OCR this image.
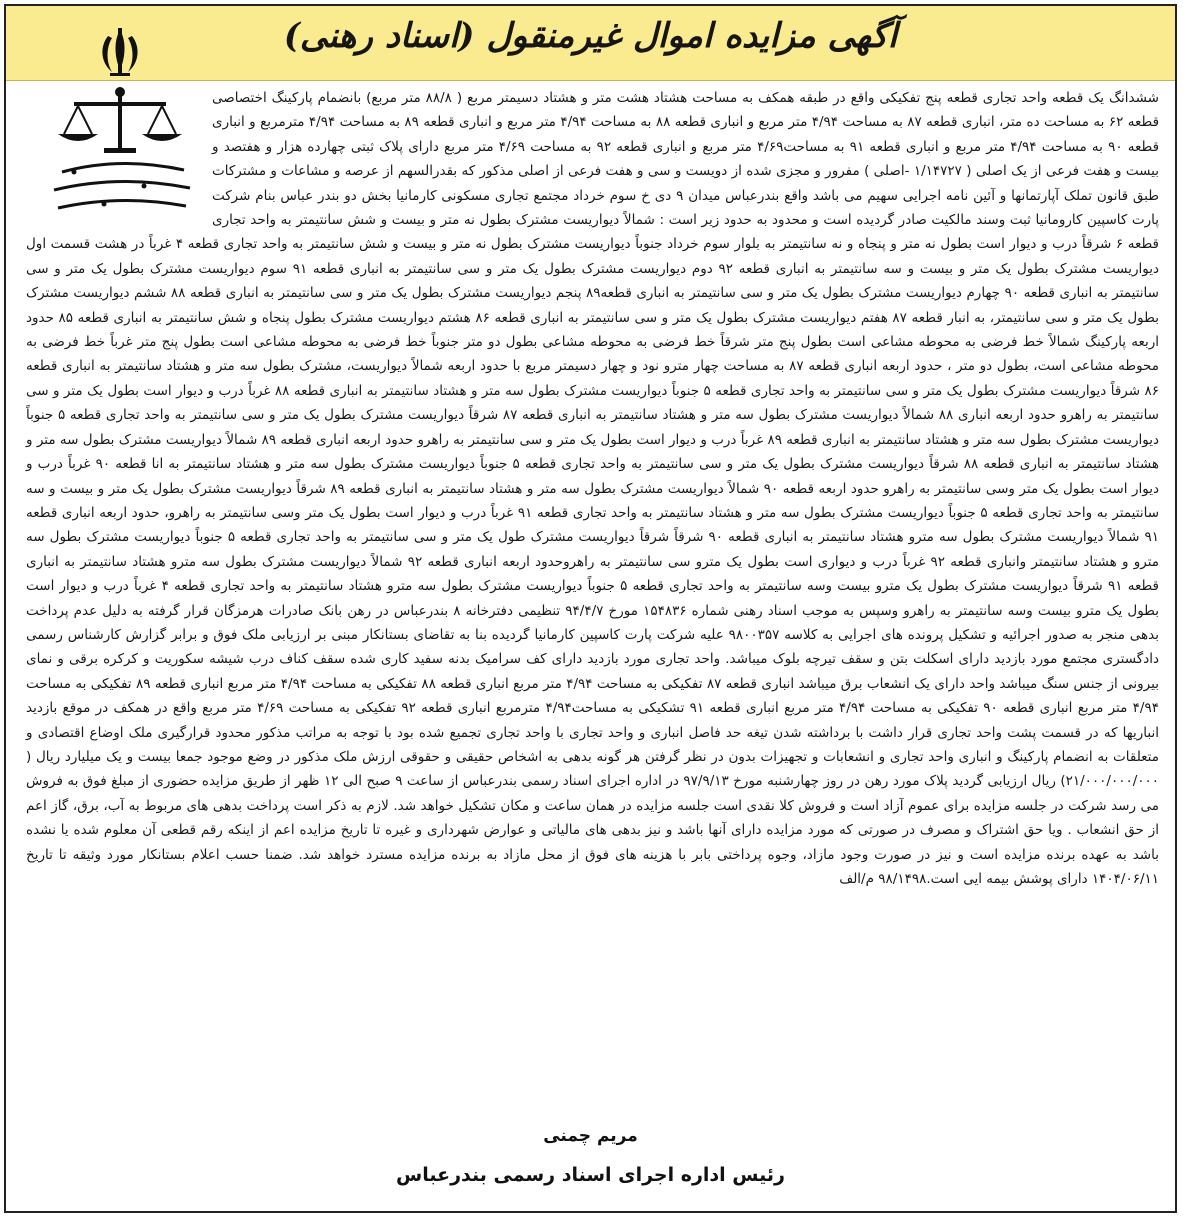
آگهی مزایده اموال غیرمنقول (اسناد رهنی)
ششدانگ یک قطعه واحد تجاری قطعه پنج تفکیکی واقع در طبقه همکف به مساحت هشتاد هشت متر و هشتاد دسیمتر مربع ( ۸۸/۸ متر مربع) بانضمام پارکینگ اختصاصی قطعه ۶۲ به مساحت ده متر، انباری قطعه ۸۷ به مساحت ۴/۹۴ متر مربع و انباری قطعه ۸۸ به مساحت ۴/۹۴ متر مربع و انباری قطعه ۸۹ به مساحت ۴/۹۴ مترمربع و انباری قطعه ۹۰ به مساحت ۴/۹۴ متر مربع و انباری قطعه ۹۱ به مساحت۴/۶۹ متر مربع و انباری قطعه ۹۲ به مساحت ۴/۶۹ متر مربع دارای پلاک ثبتی چهارده هزار و هفتصد و بیست و هفت فرعی از یک اصلی ( ۱/۱۴۷۲۷ -اصلی ) مفرور و مجزی شده از دویست و سی و هفت فرعی از اصلی مذکور که بقدرالسهم از عرصه و مشاعات و مشترکات طبق قانون تملک آپارتمانها و آئین نامه اجرایی سهیم می باشد واقع بندرعباس میدان ۹ دی خ سوم خرداد مجتمع تجاری مسکونی کارمانیا بخش دو بندر عباس بنام شرکت پارت کاسپین کارومانیا ثبت وسند مالکیت صادر گردیده است و محدود به حدود زیر است : شمالاً دیواریست مشترک بطول نه متر و بیست و شش سانتیمتر به واحد تجاری قطعه ۶ شرقاً درب و دیوار است بطول نه متر و پنجاه و نه سانتیمتر به بلوار سوم خرداد جنوباً دیواریست مشترک بطول نه متر و بیست و شش سانتیمتر به واحد تجاری قطعه ۴ غرباً در هشت قسمت اول دیواریست مشترک بطول یک متر و بیست و سه سانتیمتر به انباری قطعه ۹۲ دوم دیواریست مشترک بطول یک متر و سی سانتیمتر به انباری قطعه ۹۱ سوم دیواریست مشترک بطول یک متر و سی سانتیمتر به انباری قطعه ۹۰ چهارم دیواریست مشترک بطول یک متر و سی سانتیمتر به انباری قطعه۸۹ پنجم دیواریست مشترک بطول یک متر و سی سانتیمتر به انباری قطعه ۸۸ ششم دیواریست مشترک بطول یک متر و سی سانتیمتر، به انبار قطعه ۸۷ هفتم دیواریست مشترک بطول یک متر و سی سانتیمتر به انباری قطعه ۸۶ هشتم دیواریست مشترک بطول پنجاه و شش سانتیمتر به انباری قطعه ۸۵ حدود اربعه پارکینگ شمالاً خط فرضی به محوطه مشاعی است بطول پنج متر شرقاً خط فرضی به محوطه مشاعی بطول دو متر جنوباً خط فرضی به محوطه مشاعی است بطول پنج متر غرباً خط فرضی به محوطه مشاعی است، بطول دو متر ، حدود اربعه انباری قطعه ۸۷ به مساحت چهار مترو نود و چهار دسیمتر مربع با حدود اربعه شمالاً دیواریست، مشترک بطول سه متر و هشتاد سانتیمتر به انباری قطعه ۸۶ شرقاً دیواریست مشترک بطول یک متر و سی سانتیمتر به واحد تجاری قطعه ۵ جنوباً دیواریست مشترک بطول سه متر و هشتاد سانتیمتر به انباری قطعه ۸۸ غرباً درب و دیوار است بطول یک متر و سی سانتیمتر به راهرو حدود اربعه انباری ۸۸ شمالاً دیواریست مشترک بطول سه متر و هشتاد سانتیمتر به انباری قطعه ۸۷ شرقاً دیواریست مشترک بطول یک متر و سی سانتیمتر به واحد تجاری قطعه ۵ جنوباً دیواریست مشترک بطول سه متر و هشتاد سانتیمتر به انباری قطعه ۸۹ غرباً درب و دیوار است بطول یک متر و سی سانتیمتر به راهرو حدود اربعه انباری قطعه ۸۹ شمالاً دیواریست مشترک بطول سه متر و هشتاد سانتیمتر به انباری قطعه ۸۸ شرقاً دیواریست مشترک بطول یک متر و سی سانتیمتر به واحد تجاری قطعه ۵ جنوباً دیواریست مشترک بطول سه متر و هشتاد سانتیمتر به انا قطعه ۹۰ غرباً درب و دیوار است بطول یک متر وسی سانتیمتر به راهرو حدود اربعه قطعه ۹۰ شمالاً دیواریست مشترک بطول سه متر و هشتاد سانتیمتر به انباری قطعه ۸۹ شرقاً دیواریست مشترک بطول یک متر و بیست و سه سانتیمتر به واحد تجاری قطعه ۵ جنوباً دیواریست مشترک بطول سه متر و هشتاد سانتیمتر به واحد تجاری قطعه ۹۱ غرباً درب و دیوار است بطول یک متر وسی سانتیمتر به راهرو، حدود اربعه انباری قطعه ۹۱ شمالاً دیواریست مشترک بطول سه مترو هشتاد سانتیمتر به انباری قطعه ۹۰ شرقاً شرقاً دیواریست مشترک طول یک متر و سی سانتیمتر به واحد تجاری قطعه ۵ جنوباً دیواریست مشترک بطول سه مترو و هشتاد سانتیمتر وانباری قطعه ۹۲ غرباً درب و دیواری است بطول یک مترو سی سانتیمتر به راهروحدود اربعه انباری قطعه ۹۲ شمالاً دیواریست مشترک بطول سه مترو هشتاد سانتیمتر به انباری قطعه ۹۱ شرقاً دیواریست مشترک بطول یک مترو بیست وسه سانتیمتر به واحد تجاری قطعه ۵ جنوباً دیواریست مشترک بطول سه مترو هشتاد سانتیمتر به واحد تجاری قطعه ۴ غرباً درب و دیوار است بطول یک مترو بیست وسه سانتیمتر به راهرو وسپس به موجب اسناد رهنی شماره ۱۵۴۸۳۶ مورخ ۹۴/۴/۷ تنظیمی دفترخانه ۸ بندرعباس در رهن بانک صادرات هرمزگان قرار گرفته به دلیل عدم پرداخت بدهی منجر به صدور اجرائیه و تشکیل پرونده های اجرایی به کلاسه ۹۸۰۰۳۵۷ علیه شرکت پارت کاسپین کارمانیا گردیده بنا به تقاضای بستانکار مبنی بر ارزیابی ملک فوق و برابر گزارش کارشناس رسمی دادگستری مجتمع مورد بازدید دارای اسکلت بتن و سقف تیرچه بلوک میباشد. واحد تجاری مورد بازدید دارای کف سرامیک بدنه سفید کاری شده سقف کناف درب شیشه سکوریت و کرکره برقی و نمای بیرونی از جنس سنگ میباشد واحد دارای یک انشعاب برق میباشد انباری قطعه ۸۷ تفکیکی به مساحت ۴/۹۴ متر مربع انباری قطعه ۸۸ تفکیکی به مساحت ۴/۹۴ متر مربع انباری قطعه ۸۹ تفکیکی به مساحت ۴/۹۴ متر مربع انباری قطعه ۹۰ تفکیکی به مساحت ۴/۹۴ متر مربع انباری قطعه ۹۱ تشکیکی به مساحت۴/۹۴ مترمربع انباری قطعه ۹۲ تفکیکی به مساحت ۴/۶۹ متر مربع واقع در همکف در موقع بازدید انباریها که در قسمت پشت واحد تجاری قرار داشت با برداشته شدن تیغه حد فاصل انباری و واحد تجاری با واحد تجاری تجمیع شده بود با توجه به مراتب مذکور محدود قرارگیری ملک اوضاع اقتصادی و متعلقات به انضمام پارکینگ و انباری واحد تجاری و انشعابات و تجهیزات بدون در نظر گرفتن هر گونه بدهی به اشخاص حقیقی و حقوقی ارزش ملک مذکور در وضع موجود جمعا بیست و یک میلیارد ریال ( ۲۱/۰۰۰/۰۰۰/۰۰۰) ریال ارزیابی گردید پلاک مورد رهن در روز چهارشنبه مورخ ۹۷/۹/۱۳ در اداره اجرای اسناد رسمی بندرعباس از ساعت ۹ صبح الی ۱۲ ظهر از طریق مزایده حضوری از مبلغ فوق به فروش می رسد شرکت در جلسه مزایده برای عموم آزاد است و فروش کلا نقدی است جلسه مزایده در همان ساعت و مکان تشکیل خواهد شد. لازم به ذکر است پرداخت بدهی های مربوط به آب، برق، گاز اعم از حق انشعاب . ویا حق اشتراک و مصرف در صورتی که مورد مزایده دارای آنها باشد و نیز بدهی های مالیاتی و عوارض شهرداری و غیره تا تاریخ مزایده اعم از اینکه رقم قطعی آن معلوم شده یا نشده باشد به عهده برنده مزایده است و نیز در صورت وجود مازاد، وجوه پرداختی بابر با هزینه های فوق از محل مازاد به برنده مزایده مسترد خواهد شد. ضمنا حسب اعلام بستانکار مورد وثیقه تا تاریخ ۱۴۰۴/۰۶/۱۱ دارای پوشش بیمه ایی است.۹۸/۱۴۹۸ م/الف
مریم چمنی
رئیس اداره اجرای اسناد رسمی بندرعباس
